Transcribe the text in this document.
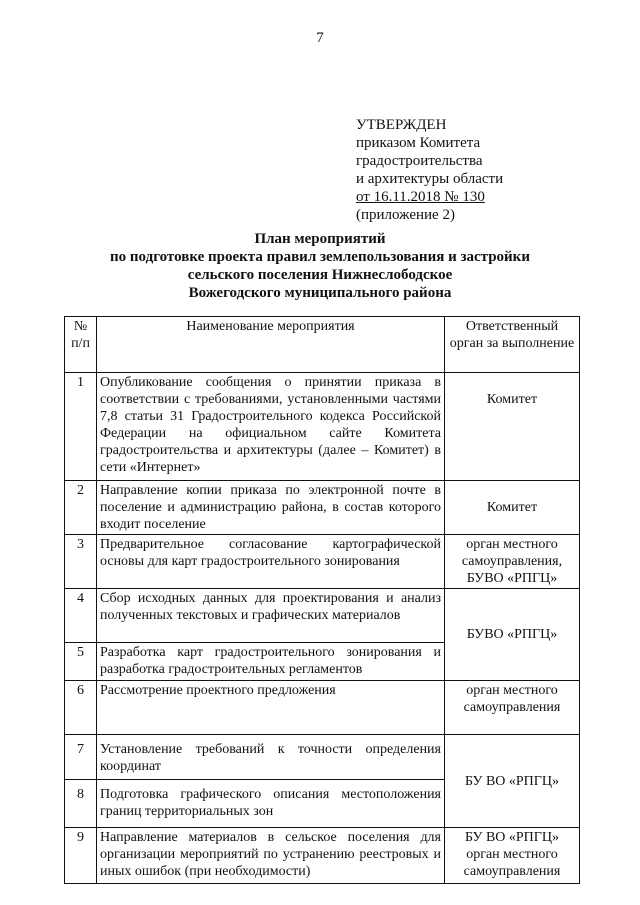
7
УТВЕРЖДЕН
приказом Комитета
градостроительства
и архитектуры области
от 16.11.2018 № 130
(приложение 2)
План мероприятий
по подготовке проекта правил землепользования и застройки
сельского поселения Нижнеслободское
Вожегодского муниципального района
№ п/п	Наименование мероприятия	Ответственный орган за выполнение
1	Опубликование сообщения о принятии приказа в соответствии с требованиями, установленными частями 7,8 статьи 31 Градостроительного кодекса Российской Федерации на официальном сайте Комитета градостроительства и архитектуры (далее – Комитет) в сети «Интернет»	Комитет
2	Направление копии приказа по электронной почте в поселение и администрацию района, в состав которого входит поселение	Комитет
3	Предварительное согласование картографической основы для карт градостроительного зонирования	орган местного самоуправления, БУВО «РПГЦ»
4	Сбор исходных данных для проектирования и анализ полученных текстовых и графических материалов	БУВО «РПГЦ»
5	Разработка карт градостроительного зонирования и разработка градостроительных регламентов	
6	Рассмотрение проектного предложения	орган местного самоуправления
7	Установление требований к точности определения координат	БУ ВО «РПГЦ»
8	Подготовка графического описания местоположения границ территориальных зон	
9	Направление материалов в сельское поселения для организации мероприятий по устранению реестровых и иных ошибок (при необходимости)	БУ ВО «РПГЦ» орган местного самоуправления
